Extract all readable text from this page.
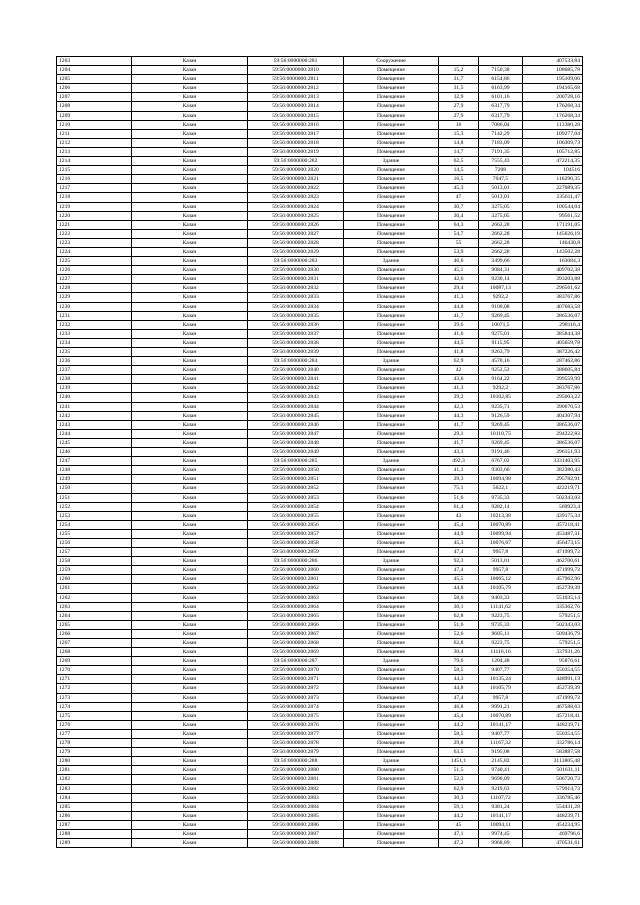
1203	Казан	59:56:0000000:281	Сооружение			407533,84
1204	Казан	59:56:0000000:2810	Помещение	15,2	7150,38	108685,78
1205	Казан	59:56:0000000:2811	Помещение	31,7	6154,86	195109,06
1206	Казан	59:56:0000000:2812	Помещение	31,5	6163,99	194165,68
1207	Казан	59:56:0000000:2813	Помещение	32,9	6101,16	200728,16
1208	Казан	59:56:0000000:2814	Помещение	27,9	6317,79	176268,34
1209	Казан	59:56:0000000:2815	Помещение	27,9	6317,79	176268,34
1210	Казан	59:56:0000000:2816	Помещение	16	7086,04	113380,28
1211	Казан	59:56:0000000:2817	Помещение	15,3	7142,29	109277,04
1212	Казан	59:56:0000000:2818	Помещение	14,8	7183,09	106309,73
1213	Казан	59:56:0000000:2819	Помещение	14,7	7191,35	105712,85
1214	Казан	59:56:0000000:282	Здание	62,5	7555,43	472214,35
1215	Казан	59:56:0000000:2820	Помещение	14,5	7208	104516
1216	Казан	59:56:0000000:2821	Помещение	16,5	7047,5	116290,35
1217	Казан	59:56:0000000:2822	Помещение	45,3	5013,01	227089,35
1218	Казан	59:56:0000000:2823	Помещение	47	5013,01	235611,47
1219	Казан	59:56:0000000:2824	Помещение	30,7	3275,05	100544,04
1220	Казан	59:56:0000000:2825	Помещение	30,4	3275,05	99561,52
1221	Казан	59:56:0000000:2826	Помещение	64,3	2662,28	171191,05
1222	Казан	59:56:0000000:2827	Помещение	54,7	2662,28	145626,19
1223	Казан	59:56:0000000:2828	Помещение	55	2662,28	146430,8
1224	Казан	59:56:0000000:2829	Помещение	53,9	2662,28	143502,28
1225	Казан	59:56:0000000:283	Здание	46,6	3499,66	163084,3
1226	Казан	59:56:0000000:2830	Помещение	45,1	9084,31	409702,38
1227	Казан	59:56:0000000:2831	Помещение	42,6	9230,14	393203,88
1228	Казан	59:56:0000000:2832	Помещение	29,4	10087,13	296561,62
1229	Казан	59:56:0000000:2833	Помещение	41,3	9292,2	383767,86
1230	Казан	59:56:0000000:2834	Помещение	44,8	9100,08	407683,58
1231	Казан	59:56:0000000:2835	Помещение	41,7	9269,45	386536,07
1232	Казан	59:56:0000000:2836	Помещение	29,6	10071,5	298116,4
1233	Казан	59:56:0000000:2837	Помещение	41,6	9275,01	385844,38
1234	Казан	59:56:0000000:2838	Помещение	44,5	9115,95	405659,78
1235	Казан	59:56:0000000:2839	Помещение	41,8	9263,79	387226,42
1236	Казан	59:56:0000000:284	Здание	62,9	4570,16	287462,86
1237	Казан	59:56:0000000:2840	Помещение	42	9252,52	388605,84
1238	Казан	59:56:0000000:2841	Помещение	43,6	9164,22	399559,99
1239	Казан	59:56:0000000:2842	Помещение	41,3	9292,2	383767,86
1240	Казан	59:56:0000000:2843	Помещение	29,2	10102,85	295003,22
1241	Казан	59:56:0000000:2844	Помещение	42,3	9235,71	390670,53
1242	Казан	59:56:0000000:2845	Помещение	44,3	9126,59	404307,94
1243	Казан	59:56:0000000:2846	Помещение	41,7	9269,45	386536,07
1244	Казан	59:56:0000000:2847	Помещение	29,1	10110,75	294222,83
1245	Казан	59:56:0000000:2848	Помещение	41,7	9269,45	386536,07
1246	Казан	59:56:0000000:2849	Помещение	43,1	9191,46	396151,93
1247	Казан	59:56:0000000:285	Здание	492,3	6767,02	3331403,95
1248	Казан	59:56:0000000:2850	Помещение	41,1	9303,66	382380,43
1249	Казан	59:56:0000000:2851	Помещение	29,3	10094,98	295782,91
1250	Казан	59:56:0000000:2852	Помещение	75,1	5622,1	422219,71
1251	Казан	59:56:0000000:2853	Помещение	51,6	9735,33	502343,03
1252	Казан	59:56:0000000:2854	Помещение	61,4	9282,14	569923,4
1253	Казан	59:56:0000000:2855	Помещение	43	10213,38	439175,34
1254	Казан	59:56:0000000:2856	Помещение	45,4	10070,89	457218,41
1255	Казан	59:56:0000000:2857	Помещение	44,9	10099,94	453487,31
1256	Казан	59:56:0000000:2858	Помещение	45,3	10076,67	456473,15
1257	Казан	59:56:0000000:2859	Помещение	47,4	9957,8	471999,72
1258	Казан	59:56:0000000:286	Здание	92,3	5013,01	462700,61
1259	Казан	59:56:0000000:2860	Помещение	47,4	9957,8	471999,72
1260	Казан	59:56:0000000:2861	Помещение	45,5	10065,12	457962,96
1261	Казан	59:56:0000000:2862	Помещение	44,8	10105,79	452739,39
1262	Казан	59:56:0000000:2863	Помещение	58,6	9403,33	551035,14
1263	Казан	59:56:0000000:2864	Помещение	30,1	11141,62	335362,76
1264	Казан	59:56:0000000:2865	Помещение	62,8	9223,75	579251,5
1265	Казан	59:56:0000000:2866	Помещение	51,6	9735,33	502343,03
1266	Казан	59:56:0000000:2867	Помещение	52,6	9685,11	509436,79
1267	Казан	59:56:0000000:2868	Помещение	62,8	9223,75	579251,5
1268	Казан	59:56:0000000:2869	Помещение	30,4	11116,16	337931,26
1269	Казан	59:56:0000000:287	Здание	79,6	1204,48	95876,61
1270	Казан	59:56:0000000:2870	Помещение	58,5	9407,77	550354,55
1271	Казан	59:56:0000000:2871	Помещение	44,3	10135,24	448991,13
1272	Казан	59:56:0000000:2872	Помещение	44,8	10105,79	452739,39
1273	Казан	59:56:0000000:2873	Помещение	47,4	9957,8	471999,72
1274	Казан	59:56:0000000:2874	Помещение	46,8	9991,21	467588,63
1275	Казан	59:56:0000000:2875	Помещение	45,4	10070,89	457218,41
1276	Казан	59:56:0000000:2876	Помещение	44,2	10141,17	448239,71
1277	Казан	59:56:0000000:2877	Помещение	58,5	9407,77	550354,55
1278	Казан	59:56:0000000:2878	Помещение	29,8	11167,32	332786,14
1279	Казан	59:56:0000000:2879	Помещение	63,5	9195,08	583887,58
1280	Казан	59:56:0000000:288	Здание	1451,1	2145,82	3113805,48
1281	Казан	59:56:0000000:2880	Помещение	51,5	9740,41	501631,11
1282	Казан	59:56:0000000:2881	Помещение	52,3	9690,09	506720,73
1283	Казан	59:56:0000000:2882	Помещение	62,9	9219,63	579914,73
1284	Казан	59:56:0000000:2883	Помещение	30,3	11107,72	336785,46
1285	Казан	59:56:0000000:2884	Помещение	59,1	9381,24	554431,28
1286	Казан	59:56:0000000:2885	Помещение	44,2	10141,17	448239,71
1287	Казан	59:56:0000000:2886	Помещение	45	10094,11	454234,95
1288	Казан	59:56:0000000:2887	Помещение	47,1	9974,45	469796,6
1289	Казан	59:56:0000000:2888	Помещение	47,2	9968,89	470531,61
